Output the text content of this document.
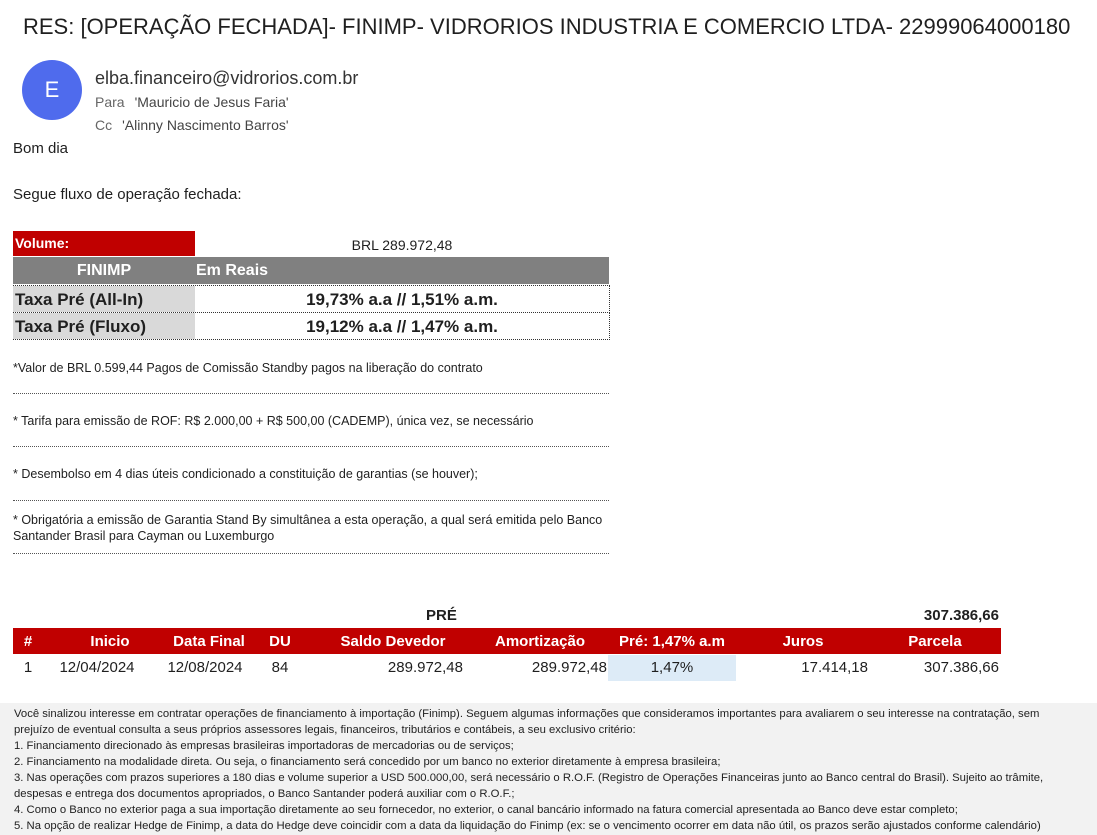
RES: [OPERAÇÃO FECHADA]- FINIMP- VIDRORIOS INDUSTRIA E COMERCIO LTDA- 22999064000180
E	elba.financeiro@vidrorios.com.br
Para 'Mauricio de Jesus Faria'
Cc 'Alinny Nascimento Barros'
Bom dia
Segue fluxo de operação fechada:
Volume:	BRL 289.972,48
FINIMP	Em Reais
Taxa Pré (All-In)	19,73% a.a // 1,51% a.m.
Taxa Pré (Fluxo)	19,12% a.a // 1,47% a.m.
*Valor de BRL 0.599,44 Pagos de Comissão Standby pagos na liberação do contrato
* Tarifa para emissão de ROF: R$ 2.000,00 + R$ 500,00 (CADEMP), única vez, se necessário
* Desembolso em 4 dias úteis condicionado a constituição de garantias (se houver);
* Obrigatória a emissão de Garantia Stand By simultânea a esta operação, a qual será emitida pelo Banco Santander Brasil para Cayman ou Luxemburgo
PRÉ	307.386,66
#	Inicio	Data Final	DU	Saldo Devedor	Amortização	Pré: 1,47% a.m	Juros	Parcela
1	12/04/2024	12/08/2024	84	289.972,48	289.972,48	1,47%	17.414,18	307.386,66
Você sinalizou interesse em contratar operações de financiamento à importação (Finimp). Seguem algumas informações que consideramos importantes para avaliarem o seu interesse na contratação, sem
prejuízo de eventual consulta a seus próprios assessores legais, financeiros, tributários e contábeis, a seu exclusivo critério:
1. Financiamento direcionado às empresas brasileiras importadoras de mercadorias ou de serviços;
2. Financiamento na modalidade direta. Ou seja, o financiamento será concedido por um banco no exterior diretamente à empresa brasileira;
3. Nas operações com prazos superiores a 180 dias e volume superior a USD 500.000,00, será necessário o R.O.F. (Registro de Operações Financeiras junto ao Banco central do Brasil). Sujeito ao trâmite,
despesas e entrega dos documentos apropriados, o Banco Santander poderá auxiliar com o R.O.F.;
4. Como o Banco no exterior paga a sua importação diretamente ao seu fornecedor, no exterior, o canal bancário informado na fatura comercial apresentada ao Banco deve estar completo;
5. Na opção de realizar Hedge de Finimp, a data do Hedge deve coincidir com a data da liquidação do Finimp (ex: se o vencimento ocorrer em data não útil, os prazos serão ajustados conforme calendário)
